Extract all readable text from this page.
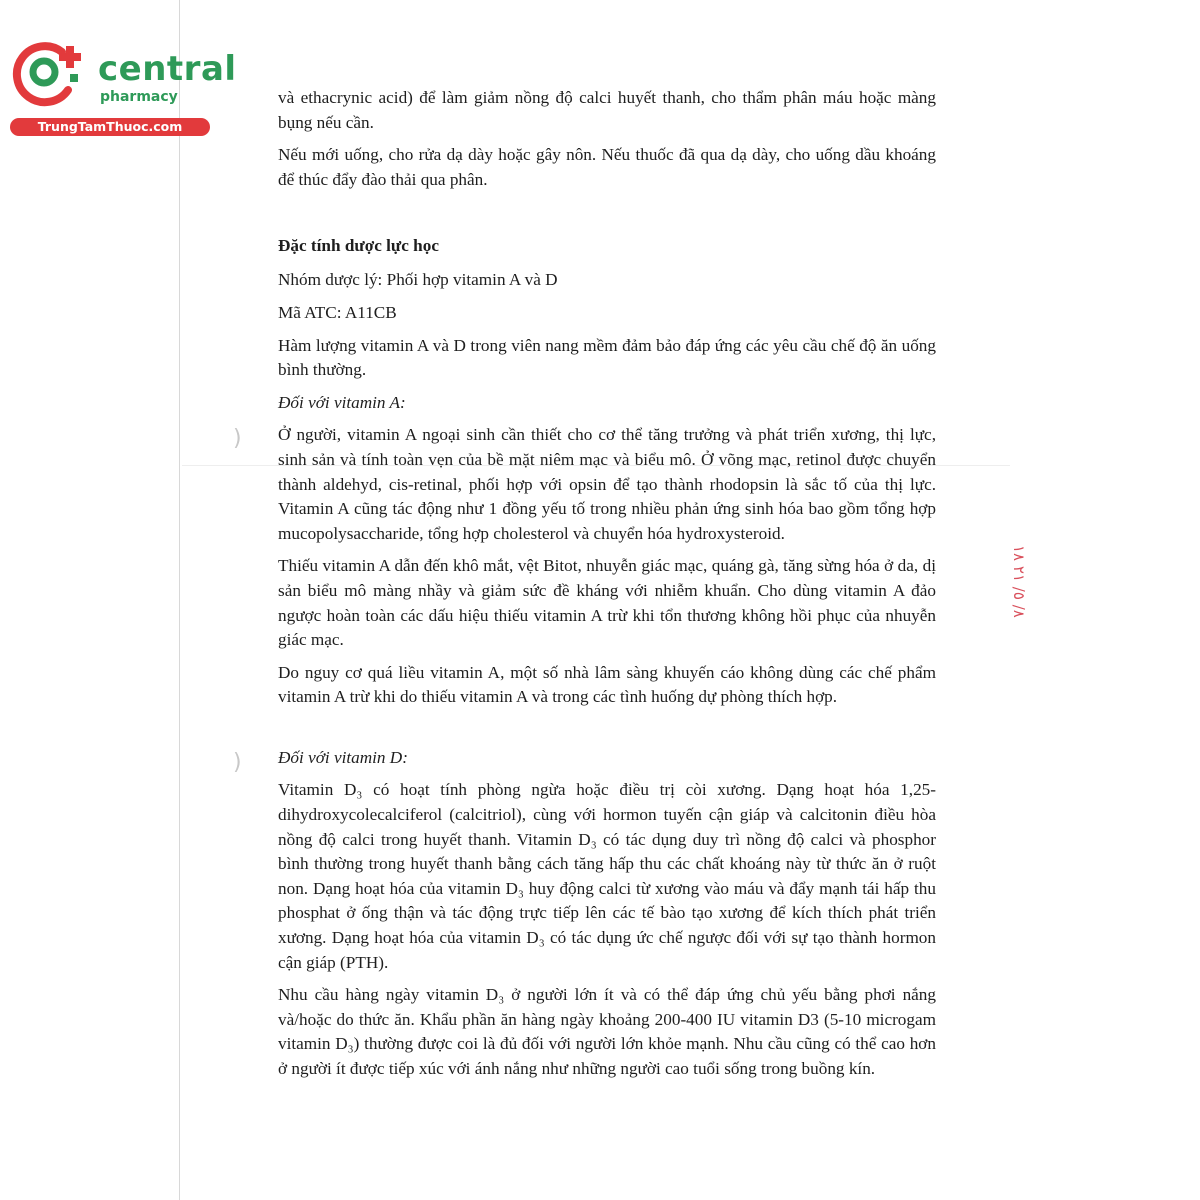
central
pharmacy
TrungTamThuoc.com
)
)
٨/ ٥/ ٢١ ١٨

và ethacrynic acid) để làm giảm nồng độ calci huyết thanh, cho thẩm phân máu hoặc màng bụng nếu cần.

Nếu mới uống, cho rửa dạ dày hoặc gây nôn. Nếu thuốc đã qua dạ dày, cho uống dầu khoáng để thúc đẩy đào thải qua phân.

Đặc tính dược lực học

Nhóm dược lý: Phối hợp vitamin A và D

Mã ATC: A11CB

Hàm lượng vitamin A và D trong viên nang mềm đảm bảo đáp ứng các yêu cầu chế độ ăn uống bình thường.

Đối với vitamin A:

Ở người, vitamin A ngoại sinh cần thiết cho cơ thể tăng trưởng và phát triển xương, thị lực, sinh sản và tính toàn vẹn của bề mặt niêm mạc và biểu mô. Ở võng mạc, retinol được chuyển thành aldehyd, cis-retinal, phối hợp với opsin để tạo thành rhodopsin là sắc tố của thị lực. Vitamin A cũng tác động như 1 đồng yếu tố trong nhiều phản ứng sinh hóa bao gồm tổng hợp mucopolysaccharide, tổng hợp cholesterol và chuyển hóa hydroxysteroid.

Thiếu vitamin A dẫn đến khô mắt, vệt Bitot, nhuyễn giác mạc, quáng gà, tăng sừng hóa ở da, dị sản biểu mô màng nhầy và giảm sức đề kháng với nhiễm khuẩn. Cho dùng vitamin A đảo ngược hoàn toàn các dấu hiệu thiếu vitamin A trừ khi tổn thương không hồi phục của nhuyễn giác mạc.

Do nguy cơ quá liều vitamin A, một số nhà lâm sàng khuyến cáo không dùng các chế phẩm vitamin A trừ khi do thiếu vitamin A và trong các tình huống dự phòng thích hợp.

Đối với vitamin D:

Vitamin D₃ có hoạt tính phòng ngừa hoặc điều trị còi xương. Dạng hoạt hóa 1,25-dihydroxycolecalciferol (calcitriol), cùng với hormon tuyến cận giáp và calcitonin điều hòa nồng độ calci trong huyết thanh. Vitamin D₃ có tác dụng duy trì nồng độ calci và phosphor bình thường trong huyết thanh bằng cách tăng hấp thu các chất khoáng này từ thức ăn ở ruột non. Dạng hoạt hóa của vitamin D₃ huy động calci từ xương vào máu và đẩy mạnh tái hấp thu phosphat ở ống thận và tác động trực tiếp lên các tế bào tạo xương để kích thích phát triển xương. Dạng hoạt hóa của vitamin D₃ có tác dụng ức chế ngược đối với sự tạo thành hormon cận giáp (PTH).

Nhu cầu hàng ngày vitamin D₃ ở người lớn ít và có thể đáp ứng chủ yếu bằng phơi nắng và/hoặc do thức ăn. Khẩu phần ăn hàng ngày khoảng 200-400 IU vitamin D3 (5-10 microgam vitamin D₃) thường được coi là đủ đối với người lớn khỏe mạnh. Nhu cầu cũng có thể cao hơn ở người ít được tiếp xúc với ánh nắng như những người cao tuổi sống trong buồng kín.
